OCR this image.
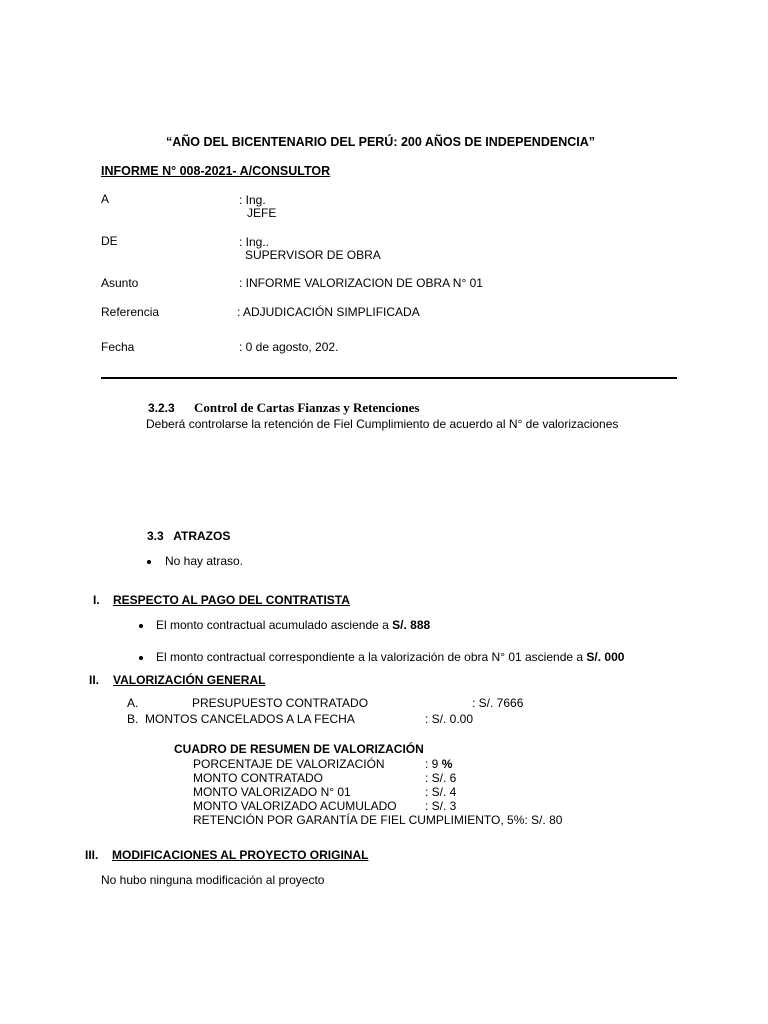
“AÑO DEL BICENTENARIO DEL PERÚ: 200 AÑOS DE INDEPENDENCIA”
INFORME N° 008-2021- A/CONSULTOR
A	: Ing.
JEFE
DE	: Ing..
SUPERVISOR DE OBRA
Asunto	: INFORME VALORIZACION DE OBRA N° 01
Referencia	: ADJUDICACIÓN SIMPLIFICADA
Fecha	: 0 de agosto, 202.
3.2.3 Control de Cartas Fianzas y Retenciones
Deberá controlarse la retención de Fiel Cumplimiento de acuerdo al N° de valorizaciones
3.3   ATRAZOS
No hay atraso.
I. RESPECTO AL PAGO DEL CONTRATISTA
El monto contractual acumulado asciende a S/. 888
El monto contractual correspondiente a la valorización de obra N° 01 asciende a S/. 000
II. VALORIZACIÓN GENERAL
A.	PRESUPUESTO CONTRATADO	: S/. 7666
B.  MONTOS CANCELADOS A LA FECHA	: S/. 0.00
CUADRO DE RESUMEN DE VALORIZACIÓN
PORCENTAJE DE VALORIZACIÓN	: 9 %
MONTO CONTRATADO	: S/. 6
MONTO VALORIZADO N° 01	: S/. 4
MONTO VALORIZADO ACUMULADO : S/. 3
RETENCIÓN POR GARANTÍA DE FIEL CUMPLIMIENTO, 5%: S/. 80
III. MODIFICACIONES AL PROYECTO ORIGINAL
No hubo ninguna modificación al proyecto
